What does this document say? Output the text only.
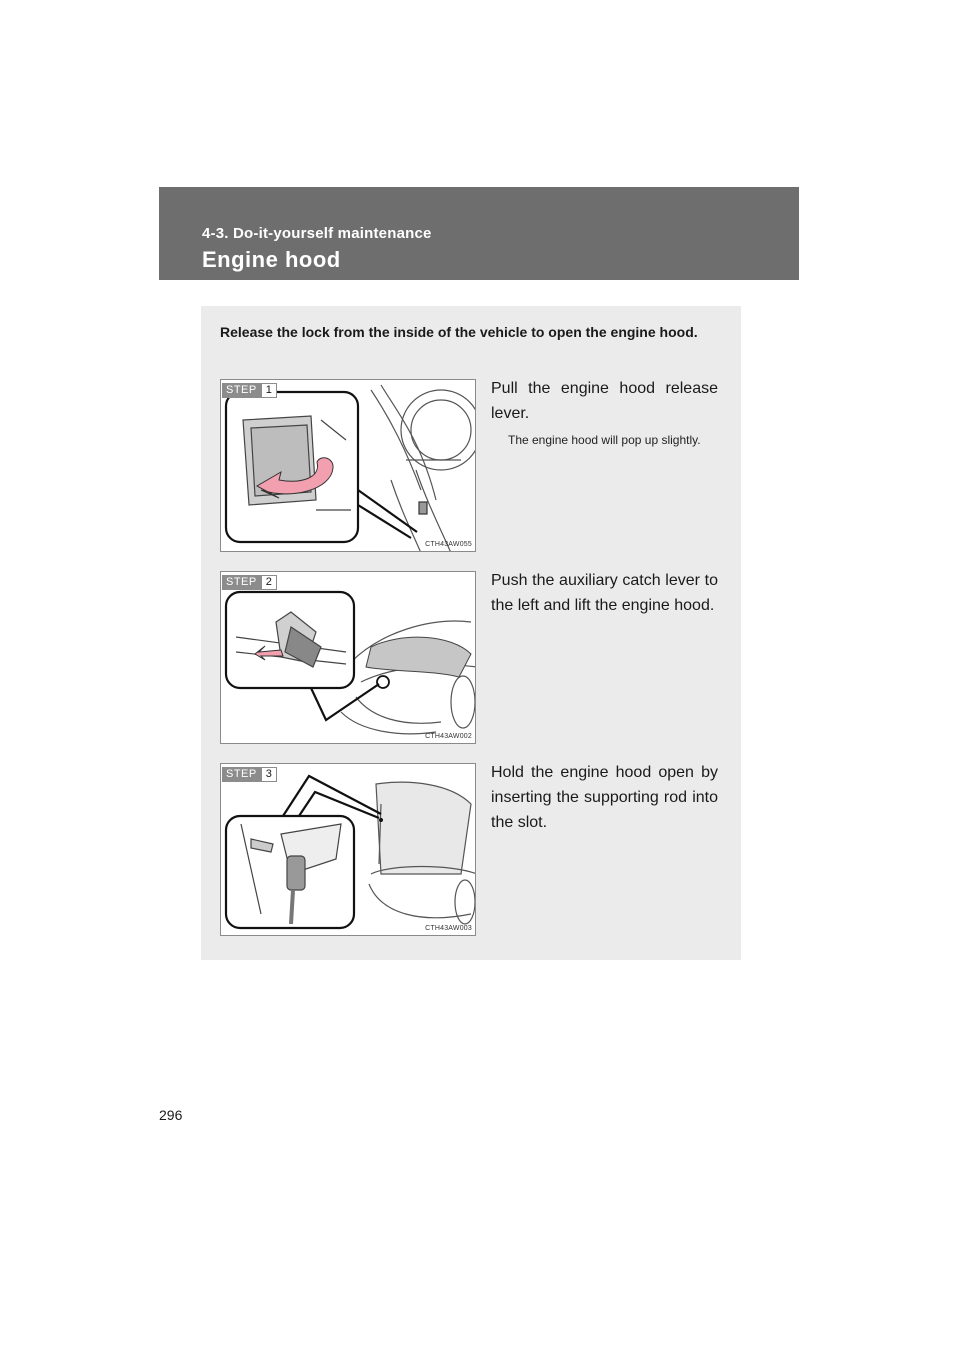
4-3. Do-it-yourself maintenance
Engine hood
Release the lock from the inside of the vehicle to open the engine hood.
STEP 1
CTH43AW055
Pull the engine hood release lever.
The engine hood will pop up slightly.
STEP 2
CTH43AW002
Push the auxiliary catch lever to the left and lift the engine hood.
STEP 3
CTH43AW003
Hold the engine hood open by inserting the supporting rod into the slot.
296
